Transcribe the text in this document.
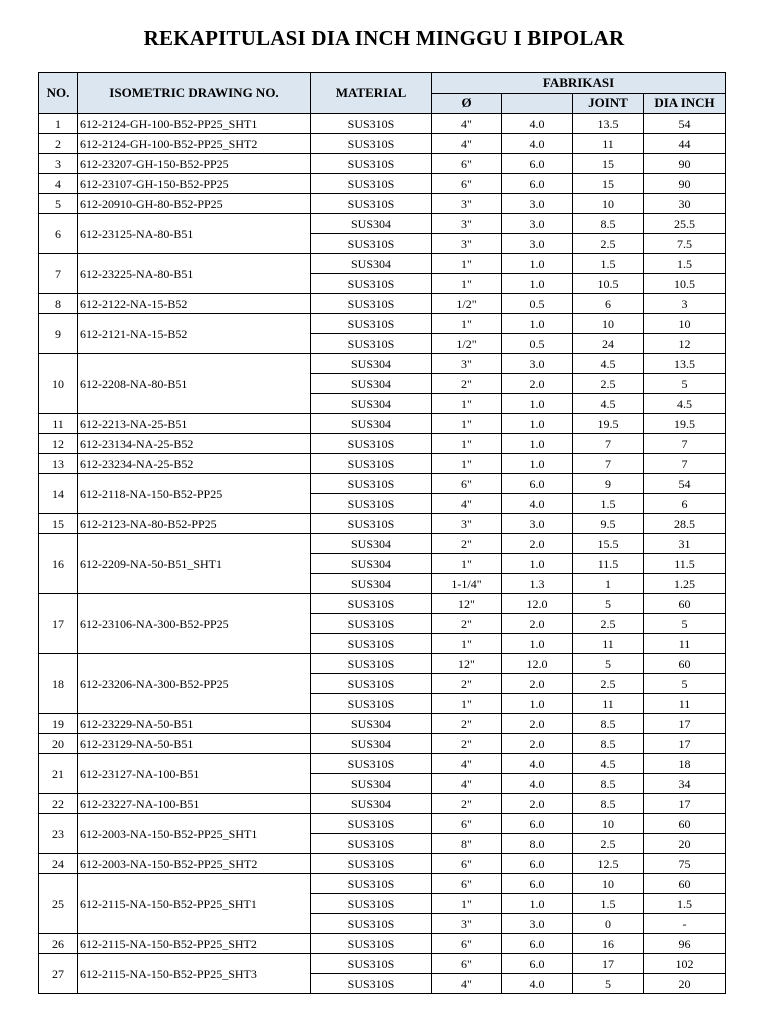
REKAPITULASI DIA INCH MINGGU I BIPOLAR
NO.	ISOMETRIC DRAWING NO.	MATERIAL	FABRIKASI			
			Ø		JOINT	DIA INCH
1	612-2124-GH-100-B52-PP25_SHT1	SUS310S	4"	4.0	13.5	54
2	612-2124-GH-100-B52-PP25_SHT2	SUS310S	4"	4.0	11	44
3	612-23207-GH-150-B52-PP25	SUS310S	6"	6.0	15	90
4	612-23107-GH-150-B52-PP25	SUS310S	6"	6.0	15	90
5	612-20910-GH-80-B52-PP25	SUS310S	3"	3.0	10	30
6	612-23125-NA-80-B51	SUS304	3"	3.0	8.5	25.5
		SUS310S	3"	3.0	2.5	7.5
7	612-23225-NA-80-B51	SUS304	1"	1.0	1.5	1.5
		SUS310S	1"	1.0	10.5	10.5
8	612-2122-NA-15-B52	SUS310S	1/2"	0.5	6	3
9	612-2121-NA-15-B52	SUS310S	1"	1.0	10	10
		SUS310S	1/2"	0.5	24	12
10	612-2208-NA-80-B51	SUS304	3"	3.0	4.5	13.5
		SUS304	2"	2.0	2.5	5
		SUS304	1"	1.0	4.5	4.5
11	612-2213-NA-25-B51	SUS304	1"	1.0	19.5	19.5
12	612-23134-NA-25-B52	SUS310S	1"	1.0	7	7
13	612-23234-NA-25-B52	SUS310S	1"	1.0	7	7
14	612-2118-NA-150-B52-PP25	SUS310S	6"	6.0	9	54
		SUS310S	4"	4.0	1.5	6
15	612-2123-NA-80-B52-PP25	SUS310S	3"	3.0	9.5	28.5
16	612-2209-NA-50-B51_SHT1	SUS304	2"	2.0	15.5	31
		SUS304	1"	1.0	11.5	11.5
		SUS304	1-1/4"	1.3	1	1.25
17	612-23106-NA-300-B52-PP25	SUS310S	12"	12.0	5	60
		SUS310S	2"	2.0	2.5	5
		SUS310S	1"	1.0	11	11
18	612-23206-NA-300-B52-PP25	SUS310S	12"	12.0	5	60
		SUS310S	2"	2.0	2.5	5
		SUS310S	1"	1.0	11	11
19	612-23229-NA-50-B51	SUS304	2"	2.0	8.5	17
20	612-23129-NA-50-B51	SUS304	2"	2.0	8.5	17
21	612-23127-NA-100-B51	SUS310S	4"	4.0	4.5	18
		SUS304	4"	4.0	8.5	34
22	612-23227-NA-100-B51	SUS304	2"	2.0	8.5	17
23	612-2003-NA-150-B52-PP25_SHT1	SUS310S	6"	6.0	10	60
		SUS310S	8"	8.0	2.5	20
24	612-2003-NA-150-B52-PP25_SHT2	SUS310S	6"	6.0	12.5	75
25	612-2115-NA-150-B52-PP25_SHT1	SUS310S	6"	6.0	10	60
		SUS310S	1"	1.0	1.5	1.5
		SUS310S	3"	3.0	0	-
26	612-2115-NA-150-B52-PP25_SHT2	SUS310S	6"	6.0	16	96
27	612-2115-NA-150-B52-PP25_SHT3	SUS310S	6"	6.0	17	102
		SUS310S	4"	4.0	5	20
